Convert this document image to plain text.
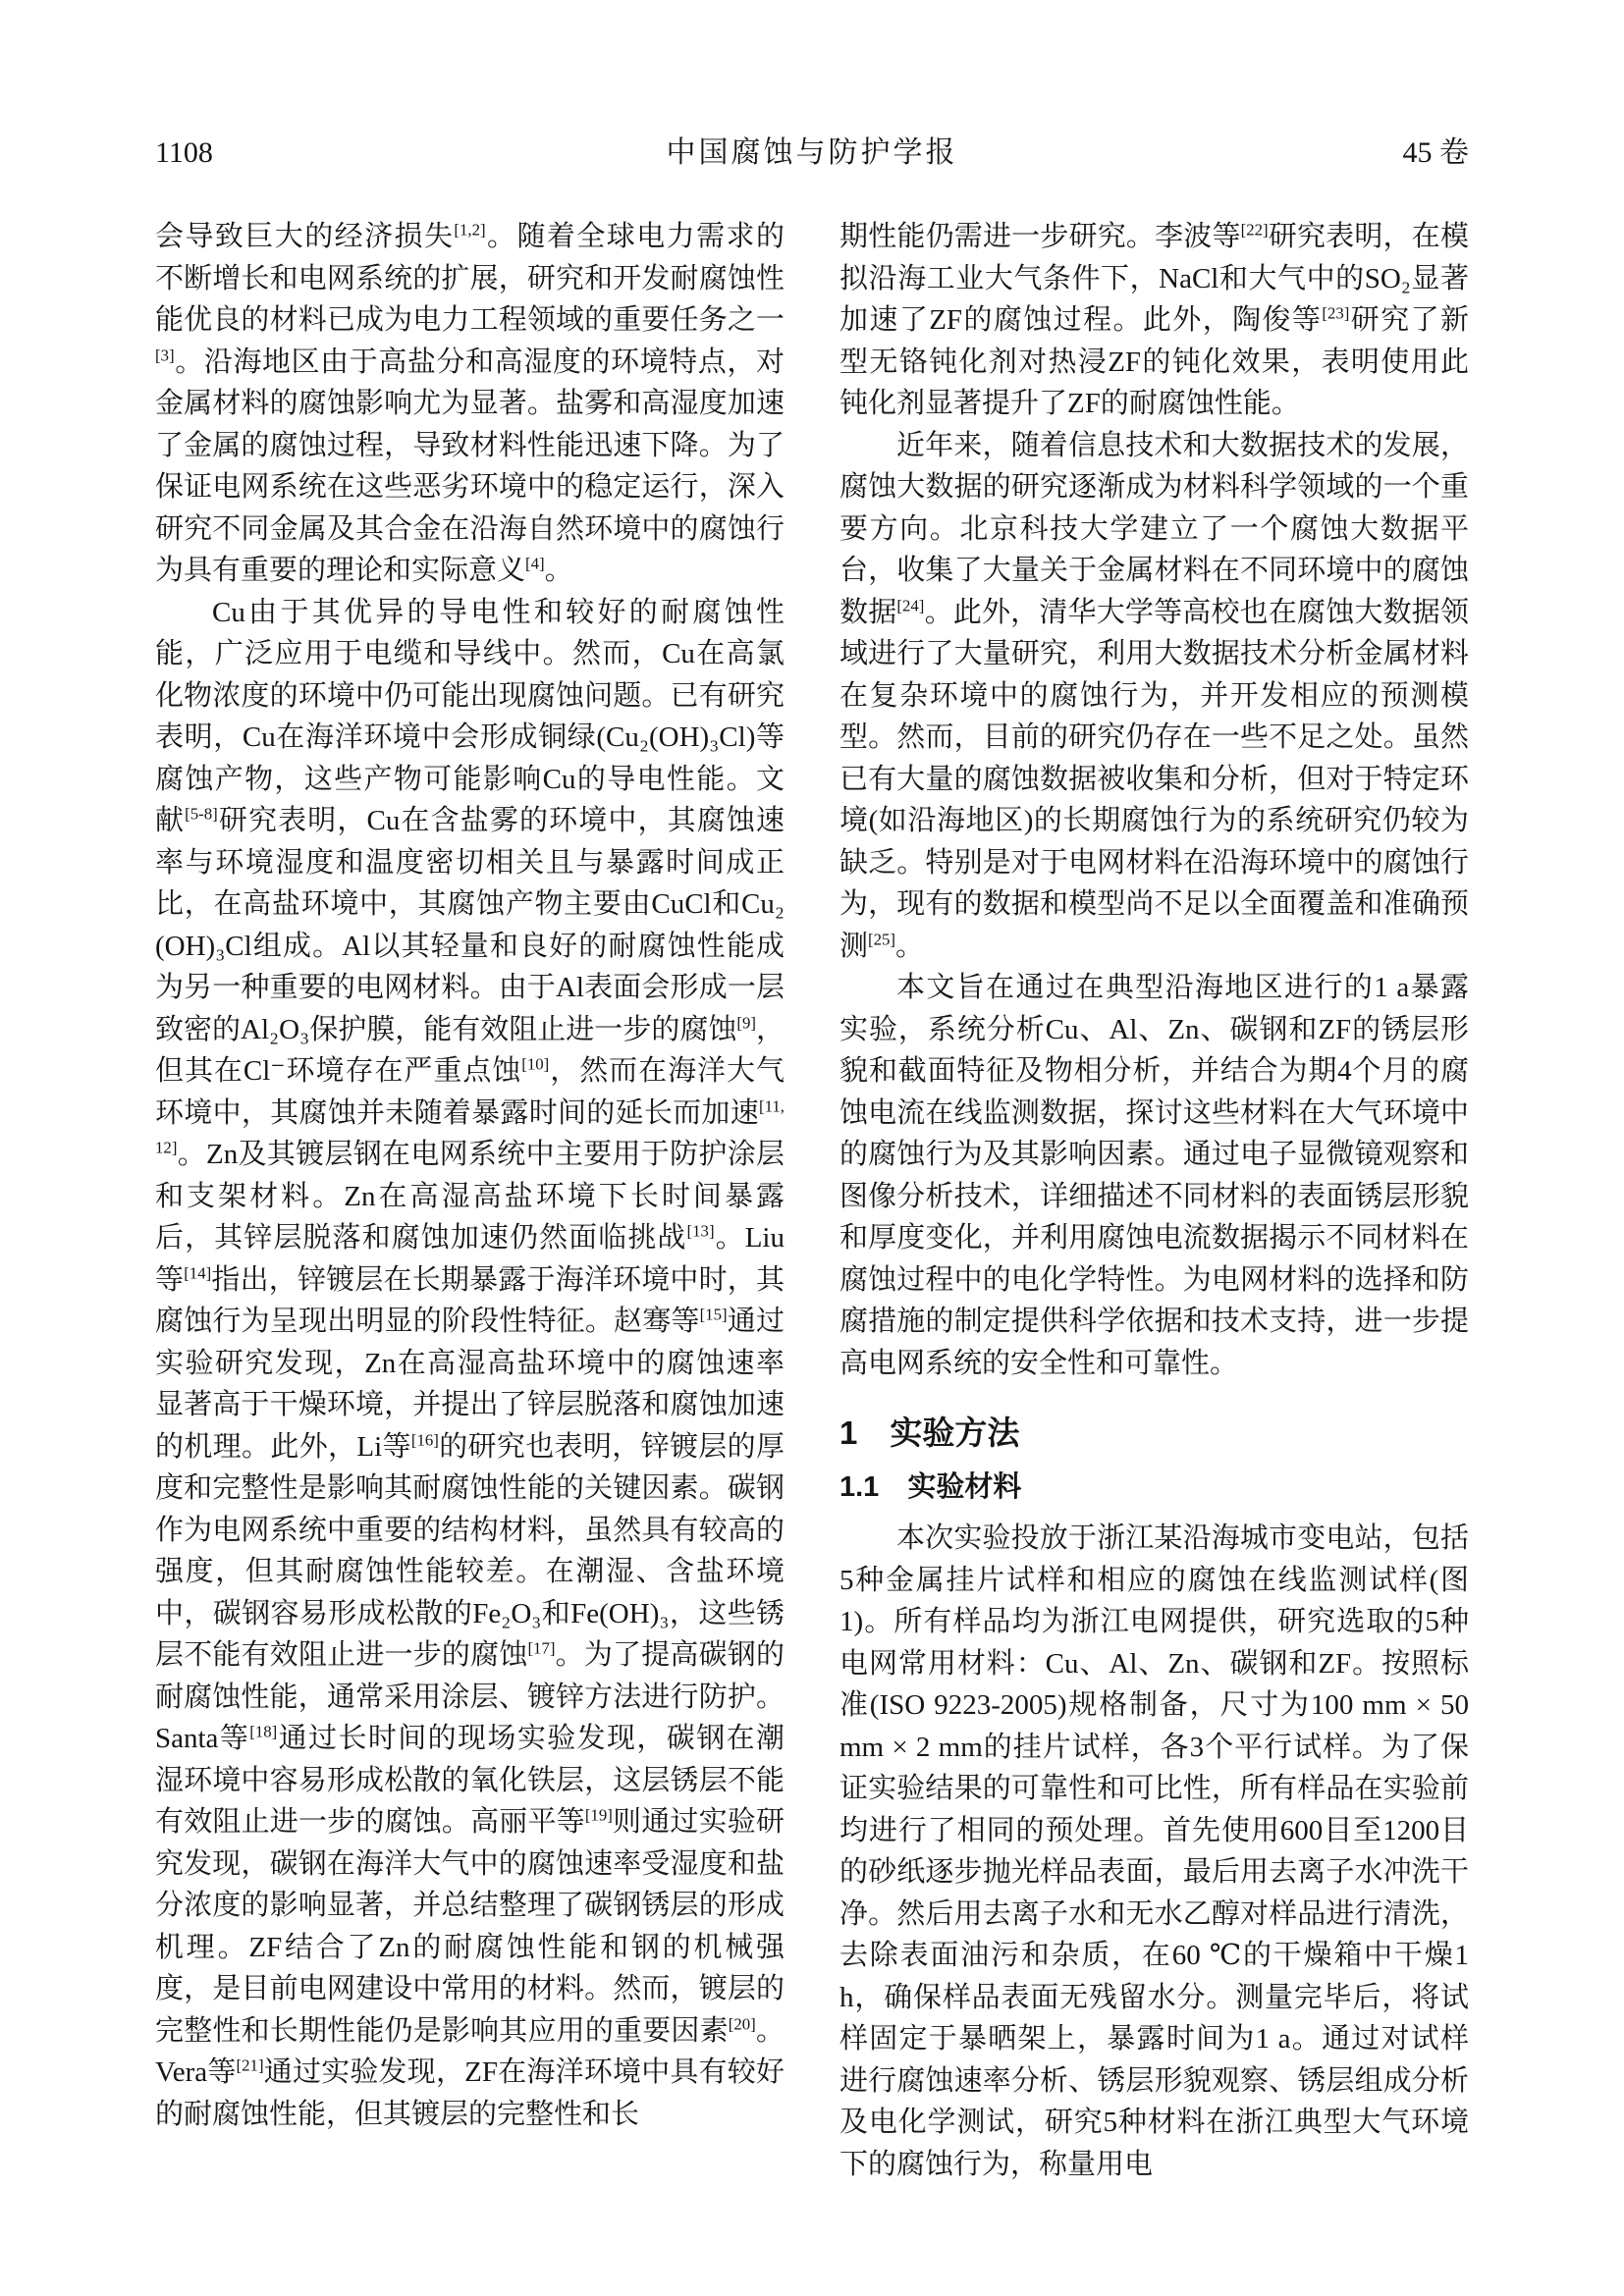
1108	中国腐蚀与防护学报	45 卷

会导致巨大的经济损失[1,2]。随着全球电力需求的不断增长和电网系统的扩展，研究和开发耐腐蚀性能优良的材料已成为电力工程领域的重要任务之一[3]。沿海地区由于高盐分和高湿度的环境特点，对金属材料的腐蚀影响尤为显著。盐雾和高湿度加速了金属的腐蚀过程，导致材料性能迅速下降。为了保证电网系统在这些恶劣环境中的稳定运行，深入研究不同金属及其合金在沿海自然环境中的腐蚀行为具有重要的理论和实际意义[4]。

Cu由于其优异的导电性和较好的耐腐蚀性能，广泛应用于电缆和导线中。然而，Cu在高氯化物浓度的环境中仍可能出现腐蚀问题。已有研究表明，Cu在海洋环境中会形成铜绿(Cu₂(OH)₃Cl)等腐蚀产物，这些产物可能影响Cu的导电性能。文献[5-8]研究表明，Cu在含盐雾的环境中，其腐蚀速率与环境湿度和温度密切相关且与暴露时间成正比，在高盐环境中，其腐蚀产物主要由CuCl和Cu₂(OH)₃Cl组成。Al以其轻量和良好的耐腐蚀性能成为另一种重要的电网材料。由于Al表面会形成一层致密的Al₂O₃保护膜，能有效阻止进一步的腐蚀[9]，但其在Cl⁻环境存在严重点蚀[10]，然而在海洋大气环境中，其腐蚀并未随着暴露时间的延长而加速[11,12]。Zn及其镀层钢在电网系统中主要用于防护涂层和支架材料。Zn在高湿高盐环境下长时间暴露后，其锌层脱落和腐蚀加速仍然面临挑战[13]。Liu等[14]指出，锌镀层在长期暴露于海洋环境中时，其腐蚀行为呈现出明显的阶段性特征。赵骞等[15]通过实验研究发现，Zn在高湿高盐环境中的腐蚀速率显著高于干燥环境，并提出了锌层脱落和腐蚀加速的机理。此外，Li等[16]的研究也表明，锌镀层的厚度和完整性是影响其耐腐蚀性能的关键因素。碳钢作为电网系统中重要的结构材料，虽然具有较高的强度，但其耐腐蚀性能较差。在潮湿、含盐环境中，碳钢容易形成松散的Fe₂O₃和Fe(OH)₃，这些锈层不能有效阻止进一步的腐蚀[17]。为了提高碳钢的耐腐蚀性能，通常采用涂层、镀锌方法进行防护。Santa等[18]通过长时间的现场实验发现，碳钢在潮湿环境中容易形成松散的氧化铁层，这层锈层不能有效阻止进一步的腐蚀。高丽平等[19]则通过实验研究发现，碳钢在海洋大气中的腐蚀速率受湿度和盐分浓度的影响显著，并总结整理了碳钢锈层的形成机理。ZF结合了Zn的耐腐蚀性能和钢的机械强度，是目前电网建设中常用的材料。然而，镀层的完整性和长期性能仍是影响其应用的重要因素[20]。Vera等[21]通过实验发现，ZF在海洋环境中具有较好的耐腐蚀性能，但其镀层的完整性和长

期性能仍需进一步研究。李波等[22]研究表明，在模拟沿海工业大气条件下，NaCl和大气中的SO₂显著加速了ZF的腐蚀过程。此外，陶俊等[23]研究了新型无铬钝化剂对热浸ZF的钝化效果，表明使用此钝化剂显著提升了ZF的耐腐蚀性能。

近年来，随着信息技术和大数据技术的发展，腐蚀大数据的研究逐渐成为材料科学领域的一个重要方向。北京科技大学建立了一个腐蚀大数据平台，收集了大量关于金属材料在不同环境中的腐蚀数据[24]。此外，清华大学等高校也在腐蚀大数据领域进行了大量研究，利用大数据技术分析金属材料在复杂环境中的腐蚀行为，并开发相应的预测模型。然而，目前的研究仍存在一些不足之处。虽然已有大量的腐蚀数据被收集和分析，但对于特定环境(如沿海地区)的长期腐蚀行为的系统研究仍较为缺乏。特别是对于电网材料在沿海环境中的腐蚀行为，现有的数据和模型尚不足以全面覆盖和准确预测[25]。

本文旨在通过在典型沿海地区进行的1 a暴露实验，系统分析Cu、Al、Zn、碳钢和ZF的锈层形貌和截面特征及物相分析，并结合为期4个月的腐蚀电流在线监测数据，探讨这些材料在大气环境中的腐蚀行为及其影响因素。通过电子显微镜观察和图像分析技术，详细描述不同材料的表面锈层形貌和厚度变化，并利用腐蚀电流数据揭示不同材料在腐蚀过程中的电化学特性。为电网材料的选择和防腐措施的制定提供科学依据和技术支持，进一步提高电网系统的安全性和可靠性。

1　实验方法
1.1　实验材料

本次实验投放于浙江某沿海城市变电站，包括5种金属挂片试样和相应的腐蚀在线监测试样(图1)。所有样品均为浙江电网提供，研究选取的5种电网常用材料：Cu、Al、Zn、碳钢和ZF。按照标准(ISO 9223-2005)规格制备，尺寸为100 mm × 50 mm × 2 mm的挂片试样，各3个平行试样。为了保证实验结果的可靠性和可比性，所有样品在实验前均进行了相同的预处理。首先使用600目至1200目的砂纸逐步抛光样品表面，最后用去离子水冲洗干净。然后用去离子水和无水乙醇对样品进行清洗，去除表面油污和杂质，在60 ℃的干燥箱中干燥1 h，确保样品表面无残留水分。测量完毕后，将试样固定于暴晒架上，暴露时间为1 a。通过对试样进行腐蚀速率分析、锈层形貌观察、锈层组成分析及电化学测试，研究5种材料在浙江典型大气环境下的腐蚀行为，称量用电
